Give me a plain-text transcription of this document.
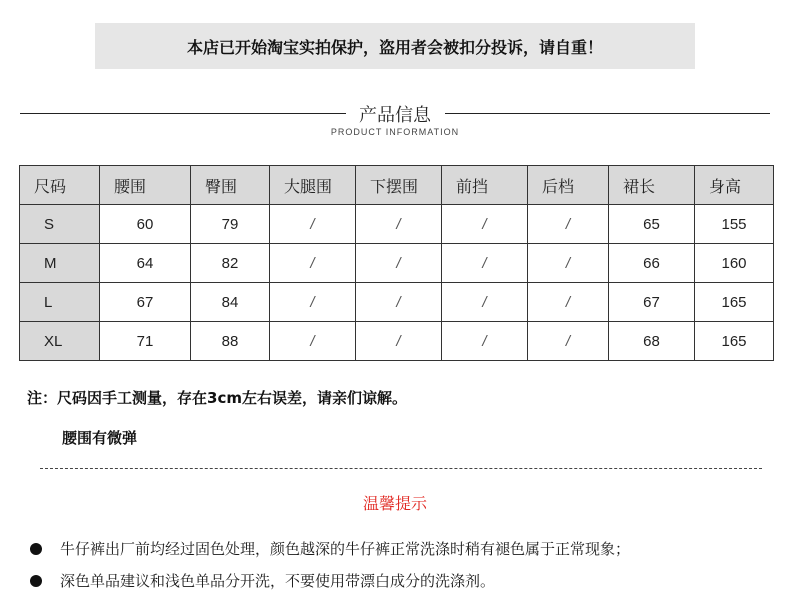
本店已开始淘宝实拍保护，盗用者会被扣分投诉，请自重！
产品信息
PRODUCT INFORMATION
尺码	腰围	臀围	大腿围	下摆围	前挡	后档	裙长	身高
S	60	79	/	/	/	/	65	155
M	64	82	/	/	/	/	66	160
L	67	84	/	/	/	/	67	165
XL	71	88	/	/	/	/	68	165
注：尺码因手工测量，存在3cm左右误差，请亲们谅解。
腰围有微弹
温馨提示
牛仔裤出厂前均经过固色处理，颜色越深的牛仔裤正常洗涤时稍有褪色属于正常现象；
深色单品建议和浅色单品分开洗，不要使用带漂白成分的洗涤剂。
